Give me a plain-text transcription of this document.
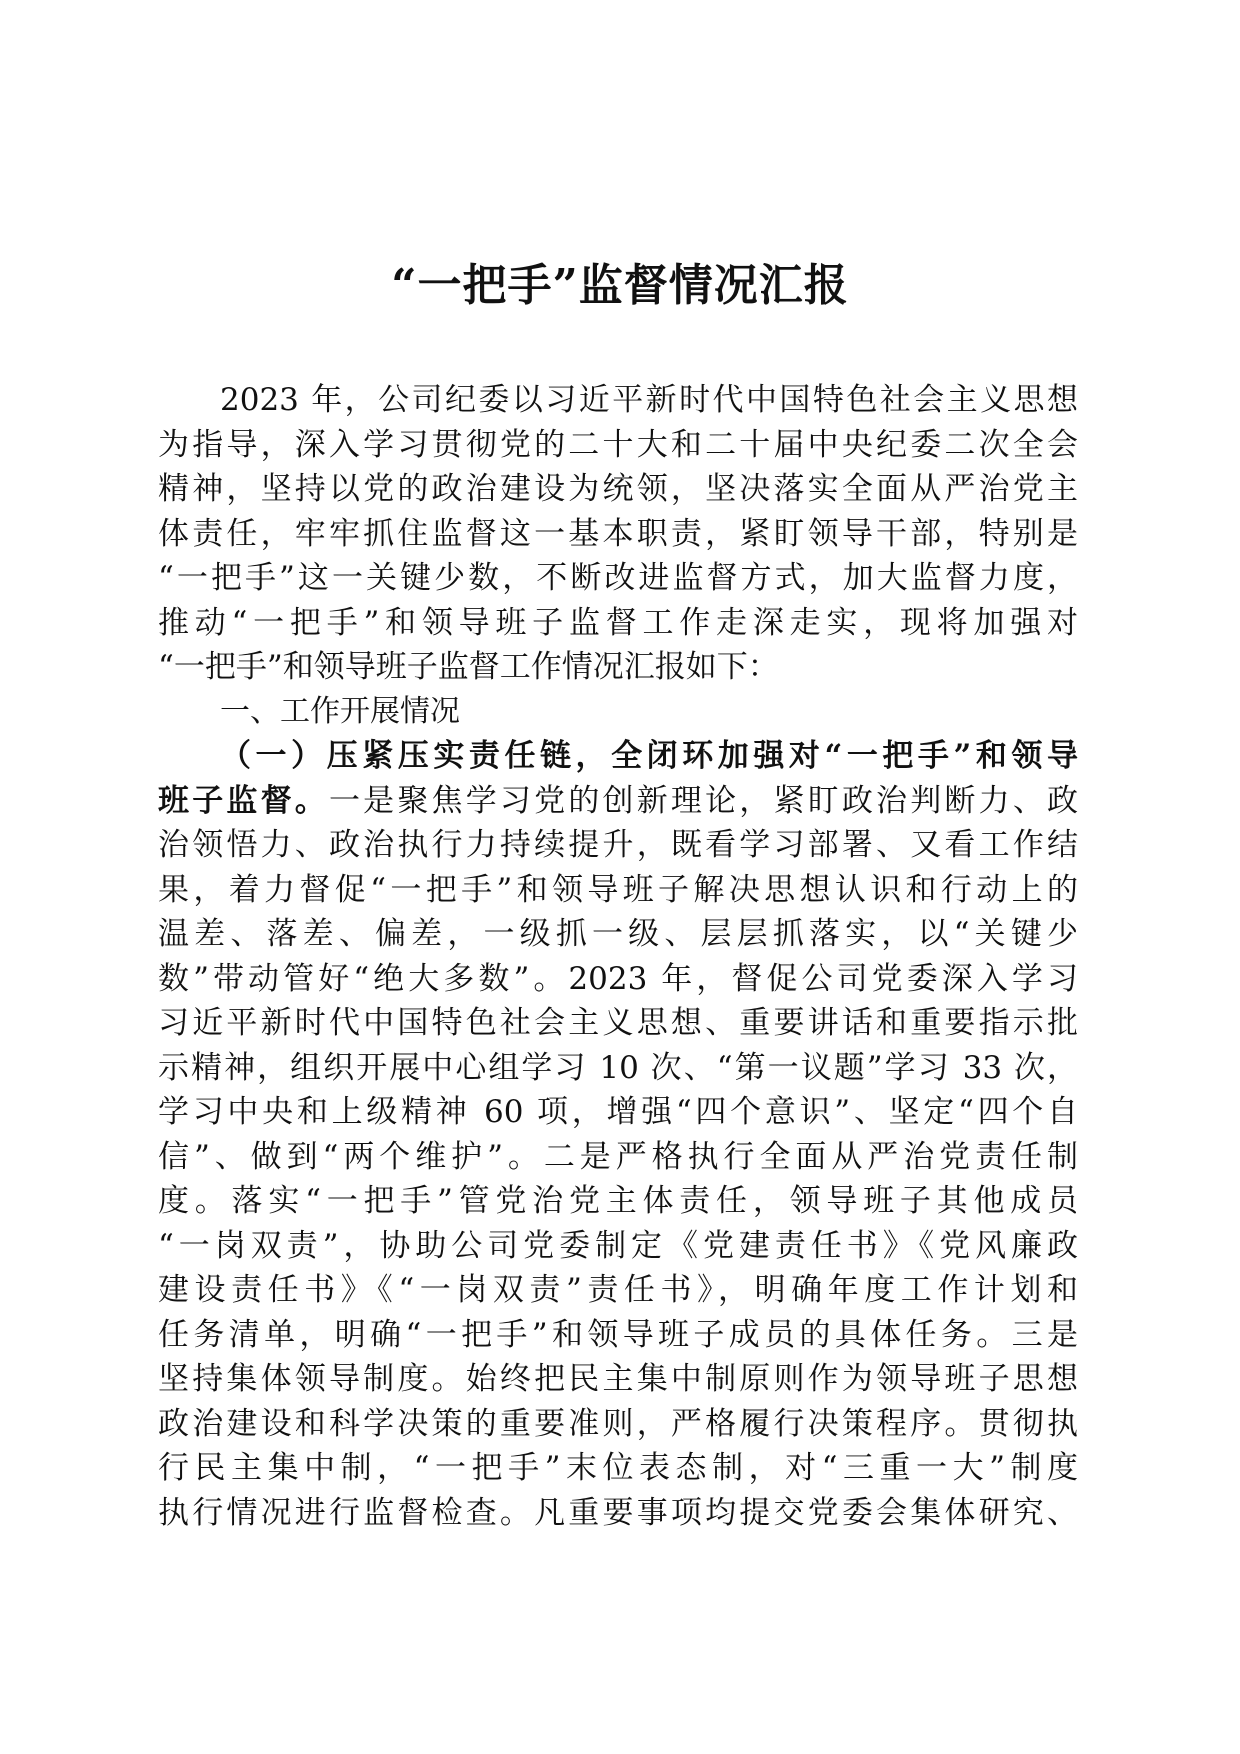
“一把手”监督情况汇报
2023 年，公司纪委以习近平新时代中国特色社会主义思想
为指导，深入学习贯彻党的二十大和二十届中央纪委二次全会
精神，坚持以党的政治建设为统领，坚决落实全面从严治党主
体责任，牢牢抓住监督这一基本职责，紧盯领导干部，特别是
“一把手”这一关键少数，不断改进监督方式，加大监督力度，
推动“一把手”和领导班子监督工作走深走实，现将加强对
“一把手”和领导班子监督工作情况汇报如下：
一、工作开展情况
（一）压紧压实责任链，全闭环加强对“一把手”和领导
班子监督。一是聚焦学习党的创新理论，紧盯政治判断力、政
治领悟力、政治执行力持续提升，既看学习部署、又看工作结
果，着力督促“一把手”和领导班子解决思想认识和行动上的
温差、落差、偏差，一级抓一级、层层抓落实，以“关键少
数”带动管好“绝大多数”。2023 年，督促公司党委深入学习
习近平新时代中国特色社会主义思想、重要讲话和重要指示批
示精神，组织开展中心组学习 10 次、“第一议题”学习 33 次，
学习中央和上级精神 60 项，增强“四个意识”、坚定“四个自
信”、做到“两个维护”。二是严格执行全面从严治党责任制
度。落实“一把手”管党治党主体责任，领导班子其他成员
“一岗双责”，协助公司党委制定《党建责任书》《党风廉政
建设责任书》《“一岗双责”责任书》，明确年度工作计划和
任务清单，明确“一把手”和领导班子成员的具体任务。三是
坚持集体领导制度。始终把民主集中制原则作为领导班子思想
政治建设和科学决策的重要准则，严格履行决策程序。贯彻执
行民主集中制，“一把手”末位表态制，对“三重一大”制度
执行情况进行监督检查。凡重要事项均提交党委会集体研究、
